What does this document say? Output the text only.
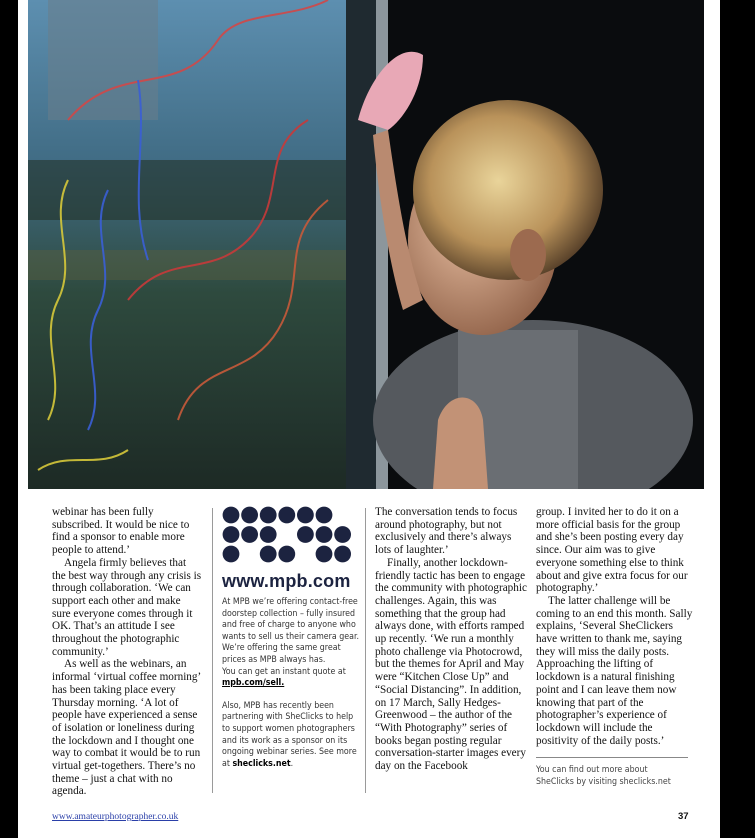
webinar has been fully subscribed. It would be nice to find a sponsor to enable more people to attend.’

Angela firmly believes that the best way through any crisis is through collaboration. ‘We can support each other and make sure everyone comes through it OK. That’s an attitude I see throughout the photographic community.’

As well as the webinars, an informal ‘virtual coffee morning’ has been taking place every Thursday morning. ‘A lot of people have experienced a sense of isolation or loneliness during the lockdown and I thought one way to combat it would be to run virtual get-togethers. There’s no theme – just a chat with no agenda.

www.mpb.com

At MPB we’re offering contact-free doorstep collection – fully insured and free of charge to anyone who wants to sell us their camera gear. We’re offering the same great prices as MPB always has.

You can get an instant quote at mpb.com/sell.

Also, MPB has recently been partnering with SheClicks to help to support women photographers and its work as a sponsor on its ongoing webinar series. See more at sheclicks.net.

The conversation tends to focus around photography, but not exclusively and there’s always lots of laughter.’

Finally, another lockdown-friendly tactic has been to engage the community with photographic challenges. Again, this was something that the group had always done, with efforts ramped up recently. ‘We run a monthly photo challenge via Photocrowd, but the themes for April and May were “Kitchen Close Up” and “Social Distancing”. In addition, on 17 March, Sally Hedges-Greenwood – the author of the “With Photography” series of books began posting regular conversation-starter images every day on the Facebook

group. I invited her to do it on a more official basis for the group and she’s been posting every day since. Our aim was to give everyone something else to think about and give extra focus for our photography.’

The latter challenge will be coming to an end this month. Sally explains, ‘Several SheClickers have written to thank me, saying they will miss the daily posts. Approaching the lifting of lockdown is a natural finishing point and I can leave them now knowing that part of the photographer’s experience of lockdown will include the positivity of the daily posts.’

You can find out more about SheClicks by visiting sheclicks.net
www.amateurphotographer.co.uk	37
